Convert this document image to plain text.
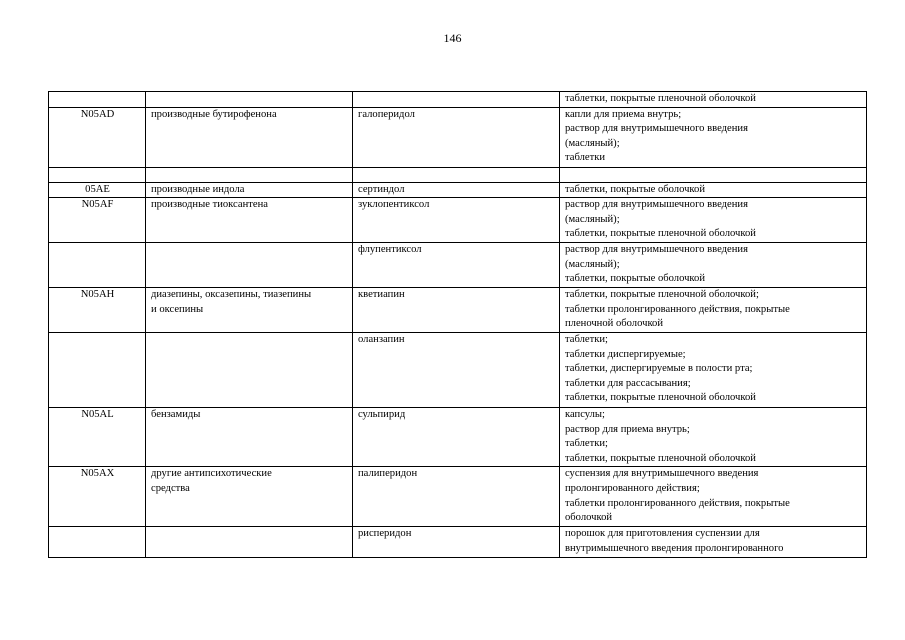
146

			таблетки, покрытые пленочной оболочкой

N05AD	производные бутирофенона	галоперидол	капли для приема внутрь;
раствор для внутримышечного введения
(масляный);
таблетки

05AE	производные индола	сертиндол	таблетки, покрытые оболочкой

N05AF	производные тиоксантена	зуклопентиксол	раствор для внутримышечного введения
(масляный);
таблетки, покрытые пленочной оболочкой

		флупентиксол	раствор для внутримышечного введения
(масляный);
таблетки, покрытые оболочкой

N05AH	диазепины, оксазепины, тиазепины
и оксепины	кветиапин	таблетки, покрытые пленочной оболочкой;
таблетки пролонгированного действия, покрытые
пленочной оболочкой

		оланзапин	таблетки;
таблетки диспергируемые;
таблетки, диспергируемые в полости рта;
таблетки для рассасывания;
таблетки, покрытые пленочной оболочкой

N05AL	бензамиды	сульпирид	капсулы;
раствор для приема внутрь;
таблетки;
таблетки, покрытые пленочной оболочкой

N05AX	другие антипсихотические
средства	палиперидон	суспензия для внутримышечного введения
пролонгированного действия;
таблетки пролонгированного действия, покрытые
оболочкой

		рисперидон	порошок для приготовления суспензии для
внутримышечного введения пролонгированного
